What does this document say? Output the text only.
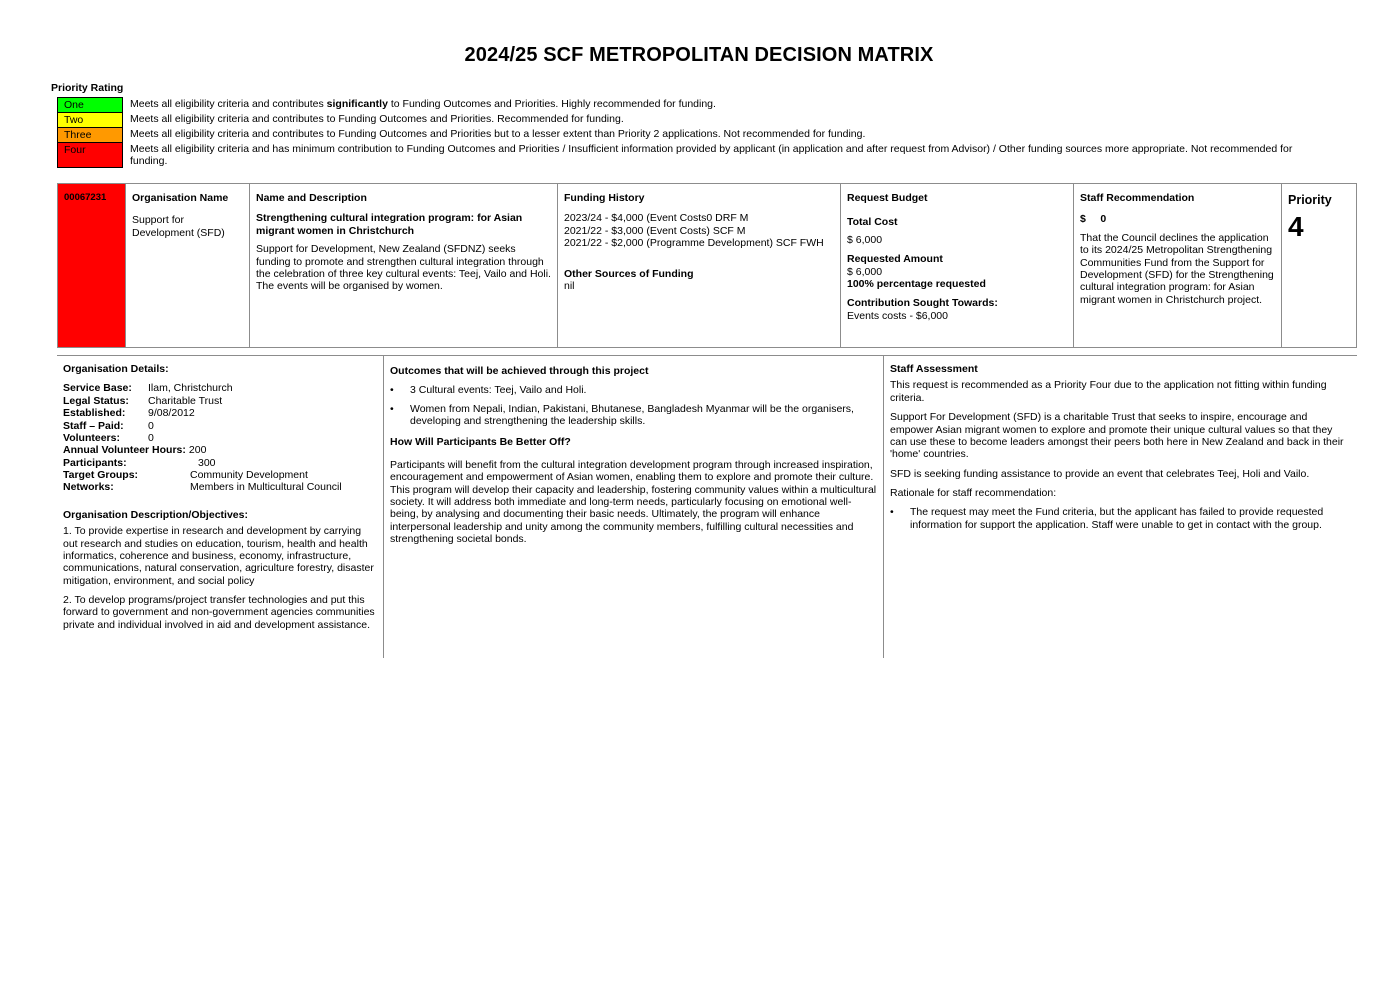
2024/25 SCF METROPOLITAN DECISION MATRIX
Priority Rating
One	Meets all eligibility criteria and contributes significantly to Funding Outcomes and Priorities. Highly recommended for funding.
Two	Meets all eligibility criteria and contributes to Funding Outcomes and Priorities. Recommended for funding.
Three	Meets all eligibility criteria and contributes to Funding Outcomes and Priorities but to a lesser extent than Priority 2 applications. Not recommended for funding.
Four	Meets all eligibility criteria and has minimum contribution to Funding Outcomes and Priorities / Insufficient information provided by applicant (in application and after request from Advisor) / Other funding sources more appropriate. Not recommended for funding.
00067231	Organisation Name
Support for Development (SFD)
Name and Description
Strengthening cultural integration program: for Asian migrant women in Christchurch
Support for Development, New Zealand (SFDNZ) seeks funding to promote and strengthen cultural integration through the celebration of three key cultural events: Teej, Vailo and Holi. The events will be organised by women.
Funding History
2023/24 - $4,000 (Event Costs0 DRF M
2021/22 - $3,000 (Event Costs) SCF M
2021/22 - $2,000 (Programme Development) SCF FWH
Other Sources of Funding
nil
Request Budget
Total Cost
$ 6,000
Requested Amount
$ 6,000
100% percentage requested
Contribution Sought Towards:
Events costs - $6,000
Staff Recommendation
$     0
That the Council declines the application to its 2024/25 Metropolitan Strengthening Communities Fund from the Support for Development (SFD) for the Strengthening cultural integration program: for Asian migrant women in Christchurch project.
Priority
4
Organisation Details:
Service Base:	Ilam, Christchurch
Legal Status:	Charitable Trust
Established:	9/08/2012
Staff – Paid:	0
Volunteers:	0
Annual Volunteer Hours: 200
Participants:	300
Target Groups:	Community Development
Networks:	Members in Multicultural Council
Organisation Description/Objectives:

1. To provide expertise in research and development by carrying out research and studies on education, tourism, health and health informatics, coherence and business, economy, infrastructure, communications, natural conservation, agriculture forestry, disaster mitigation, environment, and social policy

2. To develop programs/project transfer technologies and put this forward to government and non-government agencies communities private and individual involved in aid and development assistance.

Outcomes that will be achieved through this project
•	3 Cultural events: Teej, Vailo and Holi.
•	Women from Nepali, Indian, Pakistani, Bhutanese, Bangladesh Myanmar will be the organisers, developing and strengthening the leadership skills.
How Will Participants Be Better Off?

Participants will benefit from the cultural integration development program through increased inspiration, encouragement and empowerment of Asian women, enabling them to explore and promote their culture. This program will develop their capacity and leadership, fostering community values within a multicultural society. It will address both immediate and long-term needs, particularly focusing on emotional well-being, by analysing and documenting their basic needs. Ultimately, the program will enhance interpersonal leadership and unity among the community members, fulfilling cultural necessities and strengthening societal bonds.

Staff Assessment

This request is recommended as a Priority Four due to the application not fitting within funding criteria.

Support For Development (SFD) is a charitable Trust that seeks to inspire, encourage and empower Asian migrant women to explore and promote their unique cultural values so that they can use these to become leaders amongst their peers both here in New Zealand and back in their 'home' countries.

SFD is seeking funding assistance to provide an event that celebrates Teej, Holi and Vailo.

Rationale for staff recommendation:

•	The request may meet the Fund criteria, but the applicant has failed to provide requested information for support the application. Staff were unable to get in contact with the group.
